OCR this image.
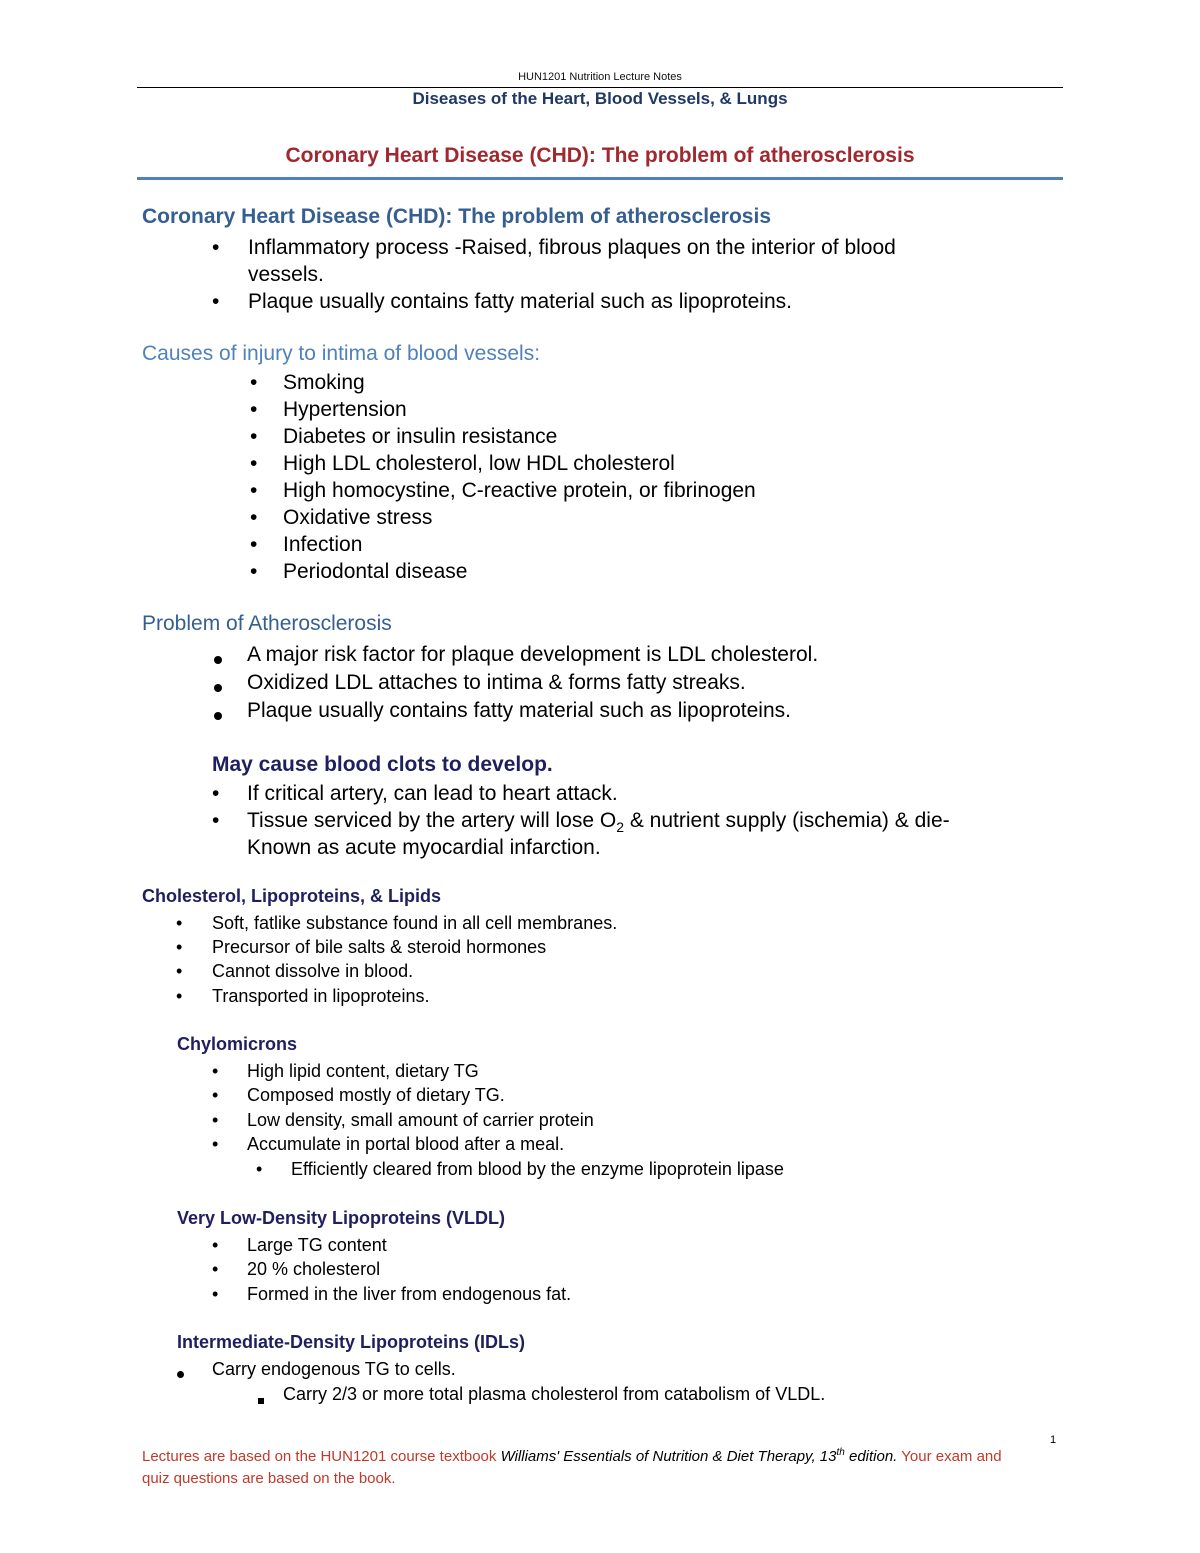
HUN1201 Nutrition Lecture Notes
Diseases of the Heart, Blood Vessels, & Lungs
Coronary Heart Disease (CHD): The problem of atherosclerosis
Coronary Heart Disease (CHD): The problem of atherosclerosis
• Inflammatory process -Raised, fibrous plaques on the interior of blood
vessels.
• Plaque usually contains fatty material such as lipoproteins.
Causes of injury to intima of blood vessels:
• Smoking
• Hypertension
• Diabetes or insulin resistance
• High LDL cholesterol, low HDL cholesterol
• High homocystine, C-reactive protein, or fibrinogen
• Oxidative stress
• Infection
• Periodontal disease
Problem of Atherosclerosis
A major risk factor for plaque development is LDL cholesterol.
Oxidized LDL attaches to intima & forms fatty streaks.
Plaque usually contains fatty material such as lipoproteins.
May cause blood clots to develop.
• If critical artery, can lead to heart attack.
• Tissue serviced by the artery will lose $O_2$ & nutrient supply (ischemia) & die-
Known as acute myocardial infarction.
Cholesterol, Lipoproteins, & Lipids
• Soft, fatlike substance found in all cell membranes.
• Precursor of bile salts & steroid hormones
• Cannot dissolve in blood.
• Transported in lipoproteins.
Chylomicrons
• High lipid content, dietary TG
• Composed mostly of dietary TG.
• Low density, small amount of carrier protein
• Accumulate in portal blood after a meal.
• Efficiently cleared from blood by the enzyme lipoprotein lipase
Very Low-Density Lipoproteins (VLDL)
• Large TG content
• 20 % cholesterol
• Formed in the liver from endogenous fat.
Intermediate-Density Lipoproteins (IDLs)
Carry endogenous TG to cells.
Carry 2/3 or more total plasma cholesterol from catabolism of VLDL.
1
Lectures are based on the HUN1201 course textbook Williams' Essentials of Nutrition & Diet Therapy, 13th edition. Your exam and
quiz questions are based on the book.
